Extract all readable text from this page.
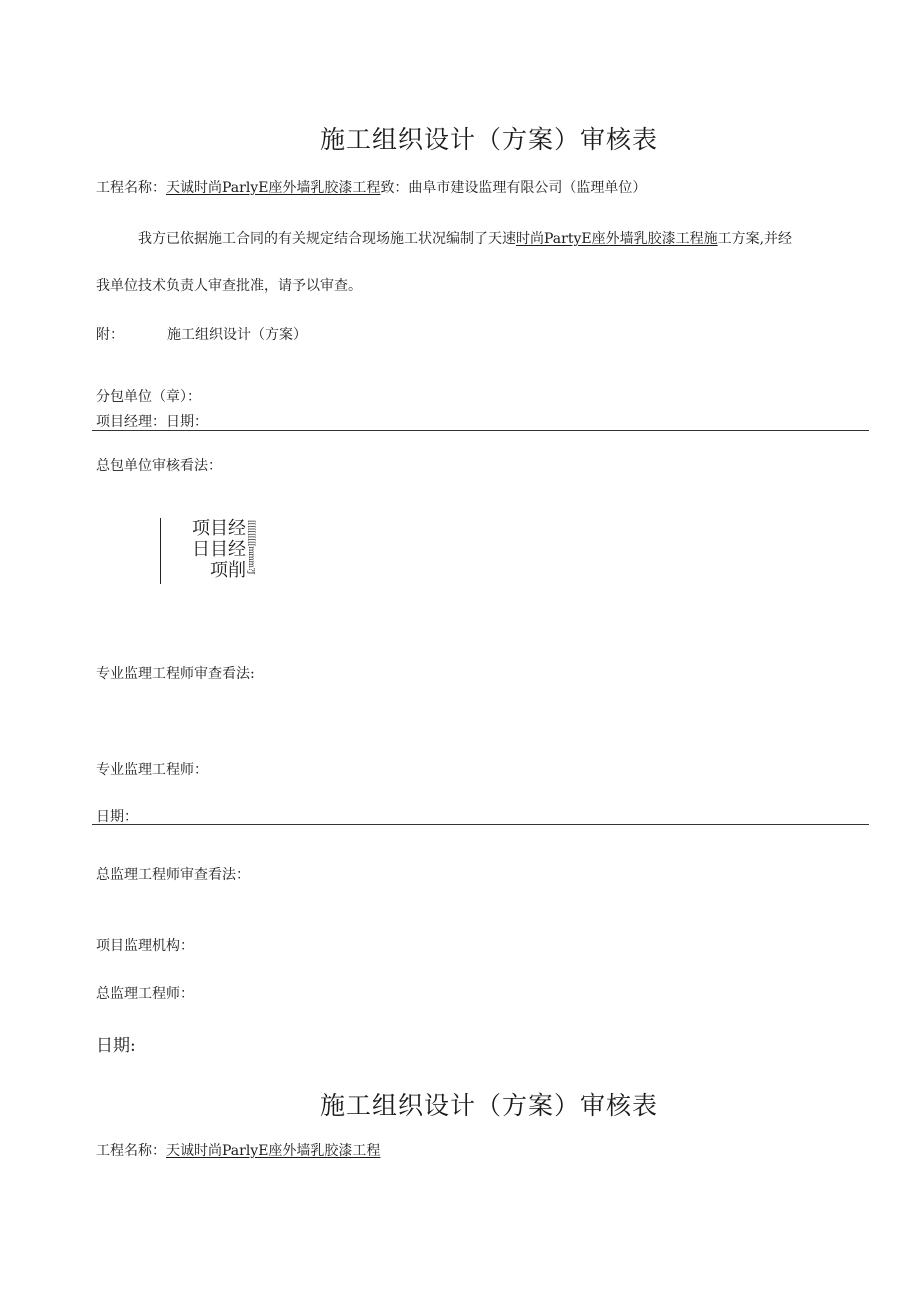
施工组织设计（方案）审核表
工程名称：天诚时尚ParlyE座外墙乳胶漆工程致：曲阜市建设监理有限公司（监理单位）
我方已依据施工合同的有关规定结合现场施工状况编制了天速时尚PartyE座外墙乳胶漆工程施工方案,并经
我单位技术负责人审查批准，请予以审查。
附：	施工组织设计（方案）
分包单位（章）：
项目经理：日期：
总包单位审核看法：
项目经
日目经
项削 [[[[[[[[[[mmm?J
专业监理工程师审查看法:
专业监理工程师：
日期：
总监理工程师审查看法：
项目监理机构：
总监理工程师：
日期:
施工组织设计（方案）审核表
工程名称：天诚时尚ParlyE座外墙乳胶漆工程
